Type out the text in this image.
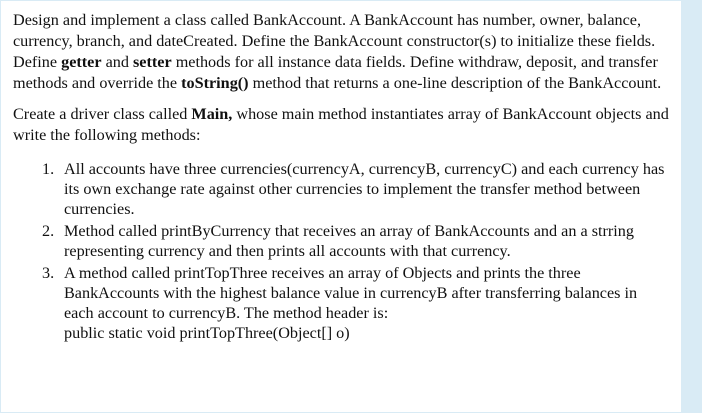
Design and implement a class called BankAccount. A BankAccount has number, owner, balance, currency, branch, and dateCreated. Define the BankAccount constructor(s) to initialize these fields. Define getter and setter methods for all instance data fields. Define withdraw, deposit, and transfer methods and override the toString() method that returns a one-line description of the BankAccount.

Create a driver class called Main, whose main method instantiates array of BankAccount objects and write the following methods:

1. All accounts have three currencies(currencyA, currencyB, currencyC) and each currency has its own exchange rate against other currencies to implement the transfer method between currencies.
2. Method called printByCurrency that receives an array of BankAccounts and an a strring representing currency and then prints all accounts with that currency.
3. A method called printTopThree receives an array of Objects and prints the three BankAccounts with the highest balance value in currencyB after transferring balances in each account to currencyB. The method header is:
public static void printTopThree(Object[] o)
